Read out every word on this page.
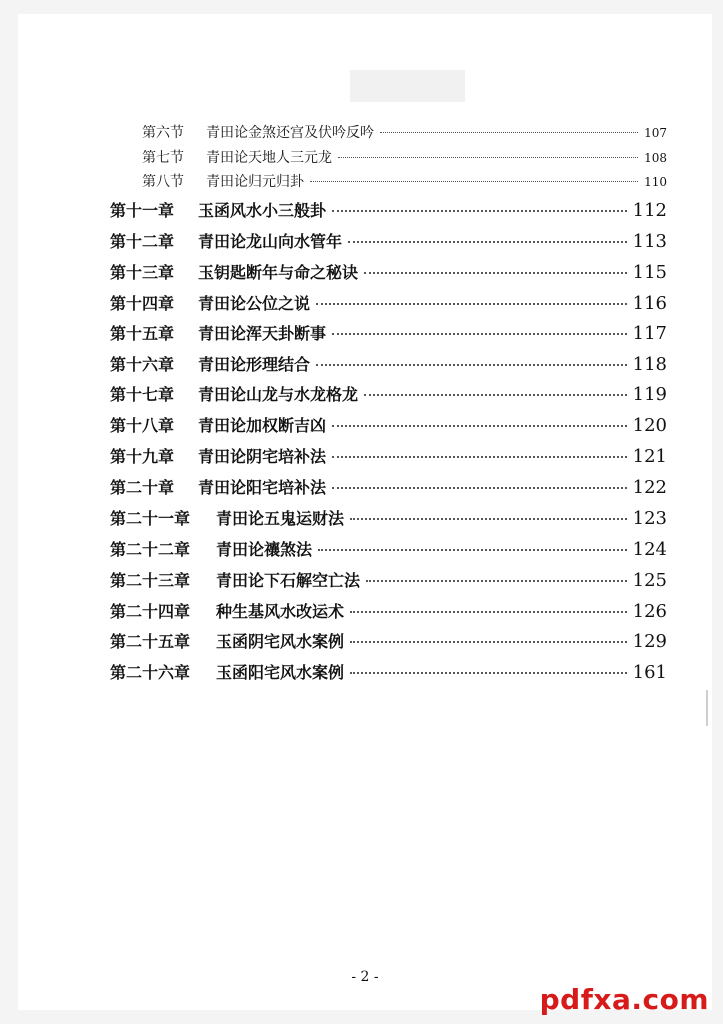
第六节	青田论金煞还宫及伏吟反吟	107
第七节	青田论天地人三元龙	108
第八节	青田论归元归卦	110
第十一章	玉函风水小三般卦	112
第十二章	青田论龙山向水管年	113
第十三章	玉钥匙断年与命之秘诀	115
第十四章	青田论公位之说	116
第十五章	青田论浑天卦断事	117
第十六章	青田论形理结合	118
第十七章	青田论山龙与水龙格龙	119
第十八章	青田论加权断吉凶	120
第十九章	青田论阴宅培补法	121
第二十章	青田论阳宅培补法	122
第二十一章	青田论五鬼运财法	123
第二十二章	青田论禳煞法	124
第二十三章	青田论下石解空亡法	125
第二十四章	种生基风水改运术	126
第二十五章	玉函阴宅风水案例	129
第二十六章	玉函阳宅风水案例	161
- 2 -
pdfxa.com
